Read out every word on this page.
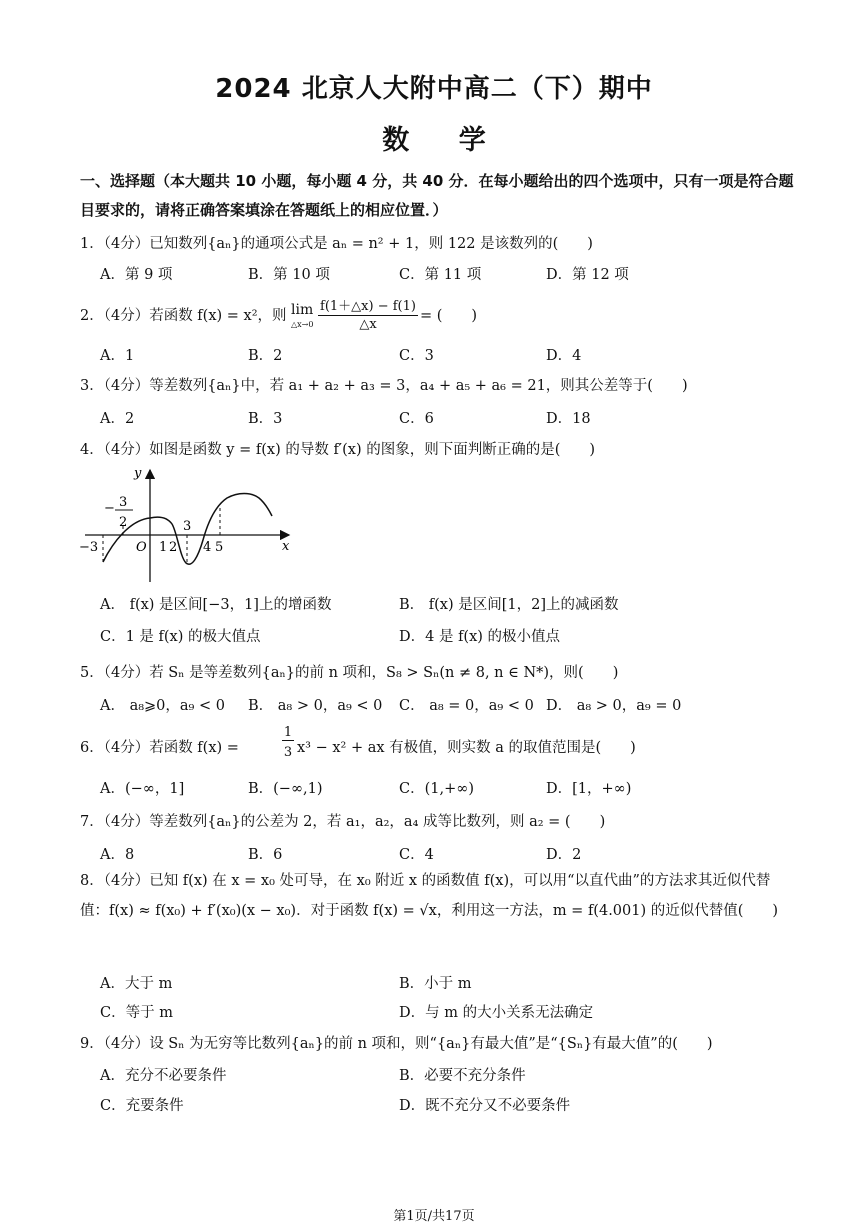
2024 北京人大附中高二（下）期中
数 学
一、选择题（本大题共 10 小题，每小题 4 分，共 40 分．在每小题给出的四个选项中，只有一项是符合题目要求的，请将正确答案填涂在答题纸上的相应位置．）
1．（4分）已知数列{aₙ}的通项公式是 aₙ = n² + 1，则 122 是该数列的(　　)
A．第 9 项	B．第 10 项	C．第 11 项	D．第 12 项
2．（4分）若函数 f(x) = x²，则 lim
△x→0
f(1＋△x) − f(1)
△x
= (　　)
A．1	B．2	C．3	D．4
3．（4分）等差数列{aₙ}中，若 a₁ + a₂ + a₃ = 3，a₄ + a₅ + a₆ = 21，则其公差等于(　　)
A．2	B．3	C．6	D．18
4．（4分）如图是函数 y = f(x) 的导数 f′(x) 的图象，则下面判断正确的是(　　)
y
x
O
−3	1 2
3
4 5
− 3
2
A． f(x) 是区间[−3，1]上的增函数	B． f(x) 是区间[1，2]上的减函数
C．1 是 f(x) 的极大值点	D．4 是 f(x) 的极小值点
5．（4分）若 Sₙ 是等差数列{aₙ}的前 n 项和，S₈ > Sₙ(n ≠ 8, n ∈ N*)，则(　　)
A． a₈⩾0，a₉ < 0 B． a₈ > 0，a₉ < 0 C． a₈ = 0，a₉ < 0 D． a₈ > 0，a₉ = 0
6．（4分）若函数 f(x) =
1
3 x³ − x² + ax 有极值，则实数 a 的取值范围是(　　)
A．(−∞，1]	B．(−∞,1)	C．(1,+∞)	D．[1，+∞)
7．（4分）等差数列{aₙ}的公差为 2，若 a₁，a₂，a₄ 成等比数列，则 a₂ = (　　)
A．8	B．6	C．4	D．2
8．（4分）已知 f(x) 在 x = x₀ 处可导，在 x₀ 附近 x 的函数值 f(x)，可以用“以直代曲”的方法求其近似代替值：f(x) ≈ f(x₀) + f′(x₀)(x − x₀)．对于函数 f(x) = √x，利用这一方法，m = f(4.001) 的近似代替值(　　)
A．大于 m	B．小于 m
C．等于 m	D．与 m 的大小关系无法确定
9．（4分）设 Sₙ 为无穷等比数列{aₙ}的前 n 项和，则“{aₙ}有最大值”是“{Sₙ}有最大值”的(　　)
A．充分不必要条件	B．必要不充分条件
C．充要条件	D．既不充分又不必要条件
第1页/共17页
